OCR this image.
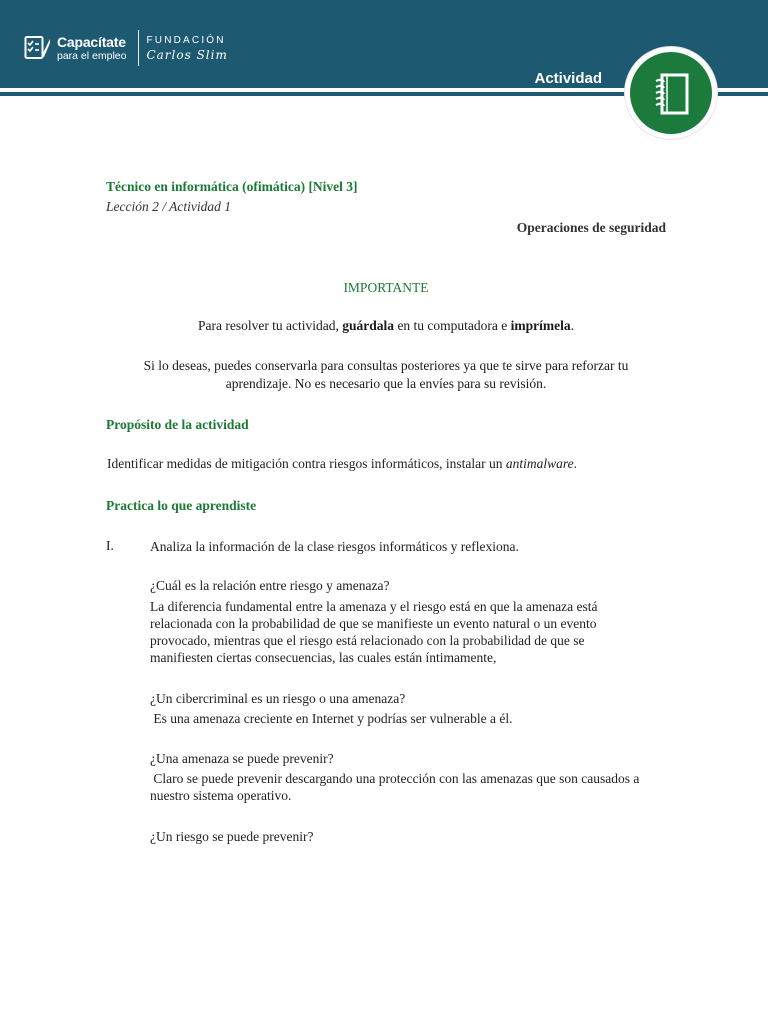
Capacítate
para el empleo
FUNDACIÓN
Carlos Slim
Actividad
Técnico en informática (ofimática) [Nivel 3]
Lección 2 / Actividad 1
Operaciones de seguridad
IMPORTANTE
Para resolver tu actividad, guárdala en tu computadora e imprímela.
Si lo deseas, puedes conservarla para consultas posteriores ya que te sirve para reforzar tu aprendizaje. No es necesario que la envíes para su revisión.
Propósito de la actividad
Identificar medidas de mitigación contra riesgos informáticos, instalar un antimalware.
Practica lo que aprendiste
I.	Analiza la información de la clase riesgos informáticos y reflexiona.
¿Cuál es la relación entre riesgo y amenaza?
La diferencia fundamental entre la amenaza y el riesgo está en que la amenaza está relacionada con la probabilidad de que se manifieste un evento natural o un evento provocado, mientras que el riesgo está relacionado con la probabilidad de que se manifiesten ciertas consecuencias, las cuales están íntimamente,
¿Un cibercriminal es un riesgo o una amenaza?
Es una amenaza creciente en Internet y podrías ser vulnerable a él.
¿Una amenaza se puede prevenir?
Claro se puede prevenir descargando una protección con las amenazas que son causados a nuestro sistema operativo.
¿Un riesgo se puede prevenir?
